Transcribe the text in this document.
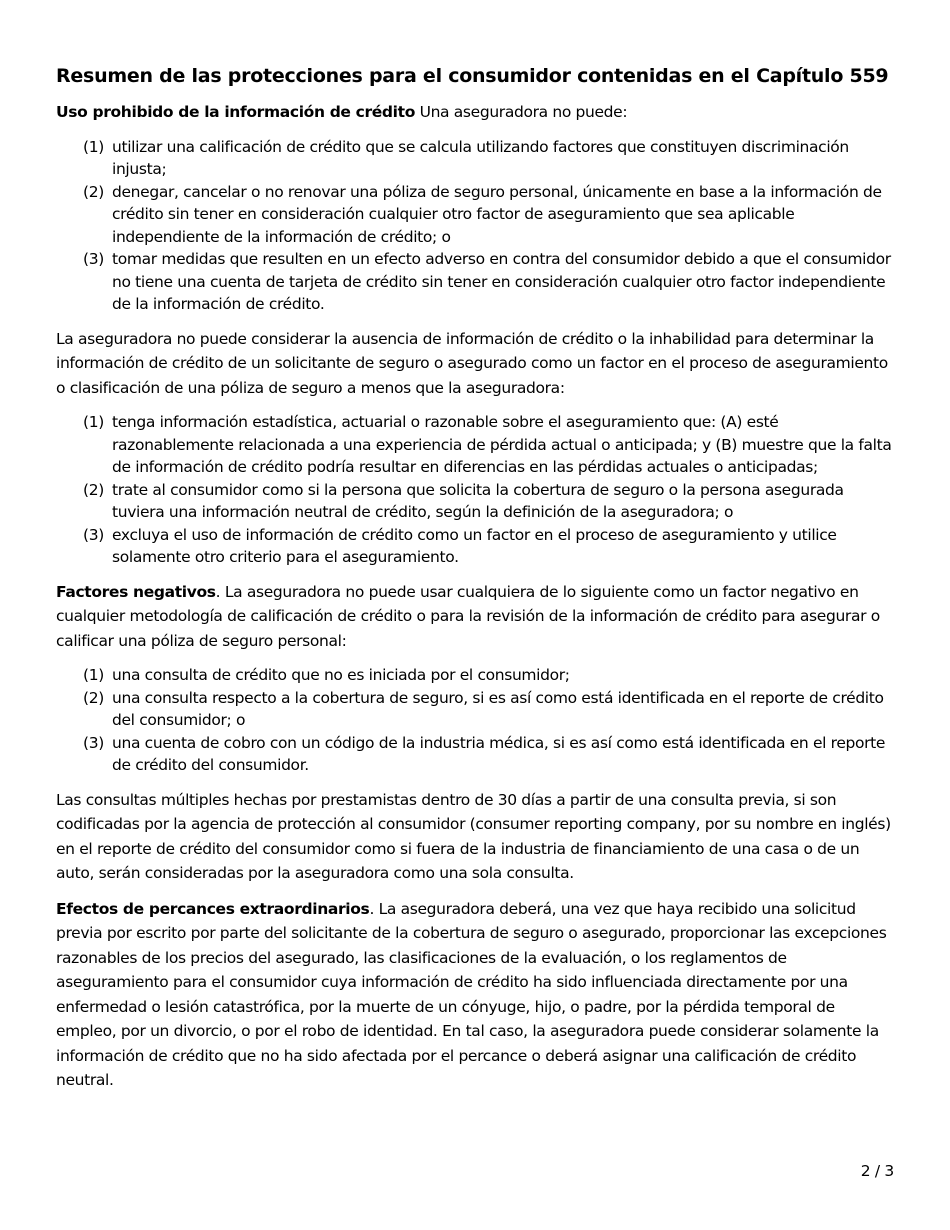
Resumen de las protecciones para el consumidor contenidas en el Capítulo 559

Uso prohibido de la información de crédito Una aseguradora no puede:

(1) utilizar una calificación de crédito que se calcula utilizando factores que constituyen discriminación injusta;
(2) denegar, cancelar o no renovar una póliza de seguro personal, únicamente en base a la información de crédito sin tener en consideración cualquier otro factor de aseguramiento que sea aplicable independiente de la información de crédito; o
(3) tomar medidas que resulten en un efecto adverso en contra del consumidor debido a que el consumidor no tiene una cuenta de tarjeta de crédito sin tener en consideración cualquier otro factor independiente de la información de crédito.

La aseguradora no puede considerar la ausencia de información de crédito o la inhabilidad para determinar la información de crédito de un solicitante de seguro o asegurado como un factor en el proceso de aseguramiento o clasificación de una póliza de seguro a menos que la aseguradora:

(1) tenga información estadística, actuarial o razonable sobre el aseguramiento que: (A) esté razonablemente relacionada a una experiencia de pérdida actual o anticipada; y (B) muestre que la falta de información de crédito podría resultar en diferencias en las pérdidas actuales o anticipadas;
(2) trate al consumidor como si la persona que solicita la cobertura de seguro o la persona asegurada tuviera una información neutral de crédito, según la definición de la aseguradora; o
(3) excluya el uso de información de crédito como un factor en el proceso de aseguramiento y utilice solamente otro criterio para el aseguramiento.

Factores negativos. La aseguradora no puede usar cualquiera de lo siguiente como un factor negativo en cualquier metodología de calificación de crédito o para la revisión de la información de crédito para asegurar o calificar una póliza de seguro personal:

(1) una consulta de crédito que no es iniciada por el consumidor;
(2) una consulta respecto a la cobertura de seguro, si es así como está identificada en el reporte de crédito del consumidor; o
(3) una cuenta de cobro con un código de la industria médica, si es así como está identificada en el reporte de crédito del consumidor.

Las consultas múltiples hechas por prestamistas dentro de 30 días a partir de una consulta previa, si son codificadas por la agencia de protección al consumidor (consumer reporting company, por su nombre en inglés) en el reporte de crédito del consumidor como si fuera de la industria de financiamiento de una casa o de un auto, serán consideradas por la aseguradora como una sola consulta.

Efectos de percances extraordinarios. La aseguradora deberá, una vez que haya recibido una solicitud previa por escrito por parte del solicitante de la cobertura de seguro o asegurado, proporcionar las excepciones razonables de los precios del asegurado, las clasificaciones de la evaluación, o los reglamentos de aseguramiento para el consumidor cuya información de crédito ha sido influenciada directamente por una enfermedad o lesión catastrófica, por la muerte de un cónyuge, hijo, o padre, por la pérdida temporal de empleo, por un divorcio, o por el robo de identidad. En tal caso, la aseguradora puede considerar solamente la información de crédito que no ha sido afectada por el percance o deberá asignar una calificación de crédito neutral.

2 / 3
